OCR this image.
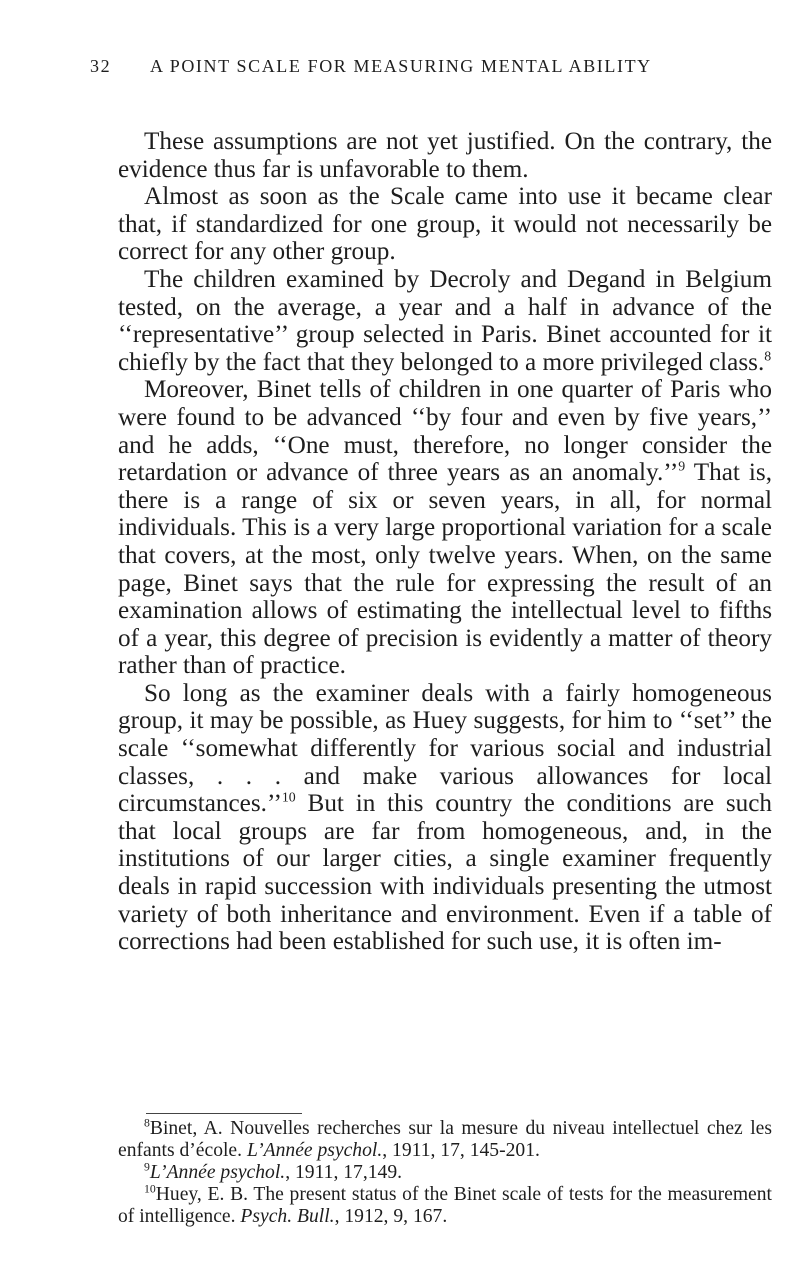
32 A POINT SCALE FOR MEASURING MENTAL ABILITY

These assumptions are not yet justified. On the contrary, the evidence thus far is unfavorable to them.

Almost as soon as the Scale came into use it became clear that, if standardized for one group, it would not necessarily be correct for any other group.

The children examined by Decroly and Degand in Belgium tested, on the average, a year and a half in advance of the ‘‘representative’’ group selected in Paris. Binet accounted for it chiefly by the fact that they belonged to a more privileged class.$^8$

Moreover, Binet tells of children in one quarter of Paris who were found to be advanced ‘‘by four and even by five years,’’ and he adds, ‘‘One must, therefore, no longer consider the retardation or advance of three years as an anomaly.’’$^9$ That is, there is a range of six or seven years, in all, for normal individuals. This is a very large proportional variation for a scale that covers, at the most, only twelve years. When, on the same page, Binet says that the rule for expressing the result of an examination allows of estimating the intellectual level to fifths of a year, this degree of precision is evidently a matter of theory rather than of practice.

So long as the examiner deals with a fairly homogeneous group, it may be possible, as Huey suggests, for him to ‘‘set’’ the scale ‘‘somewhat differently for various social and industrial classes, . . . and make various allowances for local circumstances.’’$^{10}$ But in this country the conditions are such that local groups are far from homogeneous, and, in the institutions of our larger cities, a single examiner frequently deals in rapid succession with individuals presenting the utmost variety of both inheritance and environment. Even if a table of corrections had been established for such use, it is often im-

$^8$Binet, A. Nouvelles recherches sur la mesure du niveau intellectuel chez les enfants d’école. L’Année psychol., 1911, 17, 145-201.

$^9$L’Année psychol., 1911, 17,149.

$^{10}$Huey, E. B. The present status of the Binet scale of tests for the measurement of intelligence. Psych. Bull., 1912, 9, 167.
